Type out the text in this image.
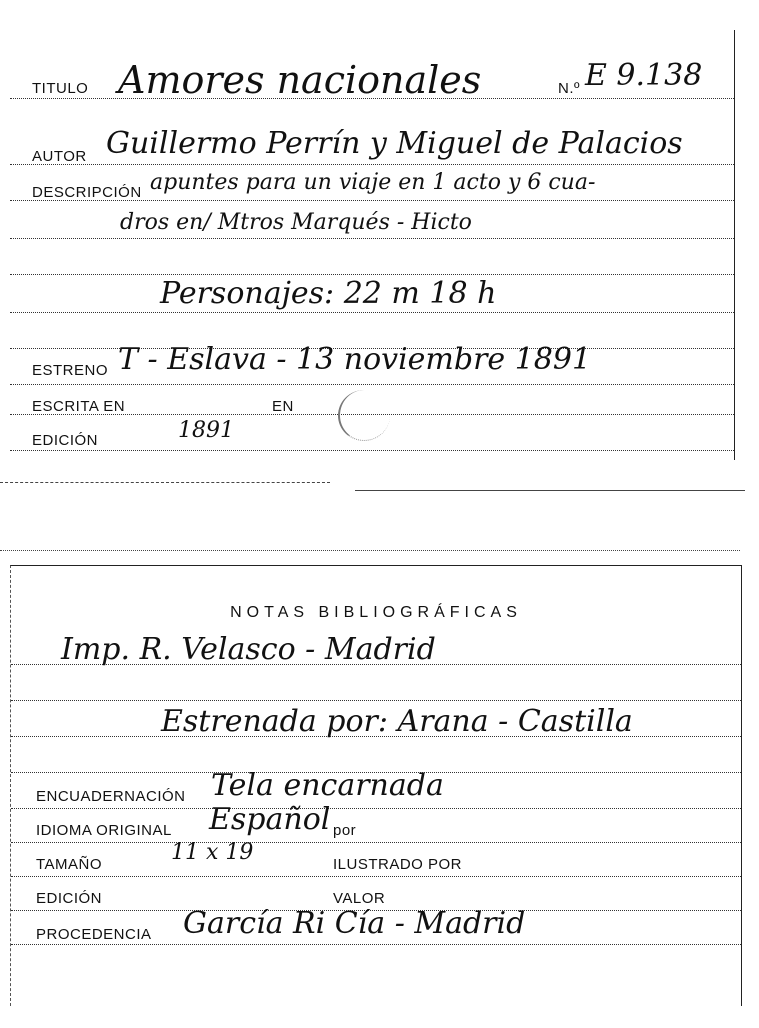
TITULO Amores nacionales	N.º E 9.138
AUTOR Guillermo Perrín y Miguel de Palacios
DESCRIPCIÓN apuntes para un viaje en 1 acto y 6 cua-
dros en/ Mtros Marqués - Hicto
Personajes: 22 m 18 h
ESTRENO T - Eslava - 13 noviembre 1891
ESCRITA EN	EN
EDICIÓN	1891
NOTAS BIBLIOGRÁFICAS
Imp. R. Velasco - Madrid
Estrenada por: Arana - Castilla
ENCUADERNACIÓN Tela encarnada
IDIOMA ORIGINAL Español por
TAMAÑO	11 x 19	ILUSTRADO POR
EDICIÓN	VALOR
PROCEDENCIA García Ri Cía - Madrid
